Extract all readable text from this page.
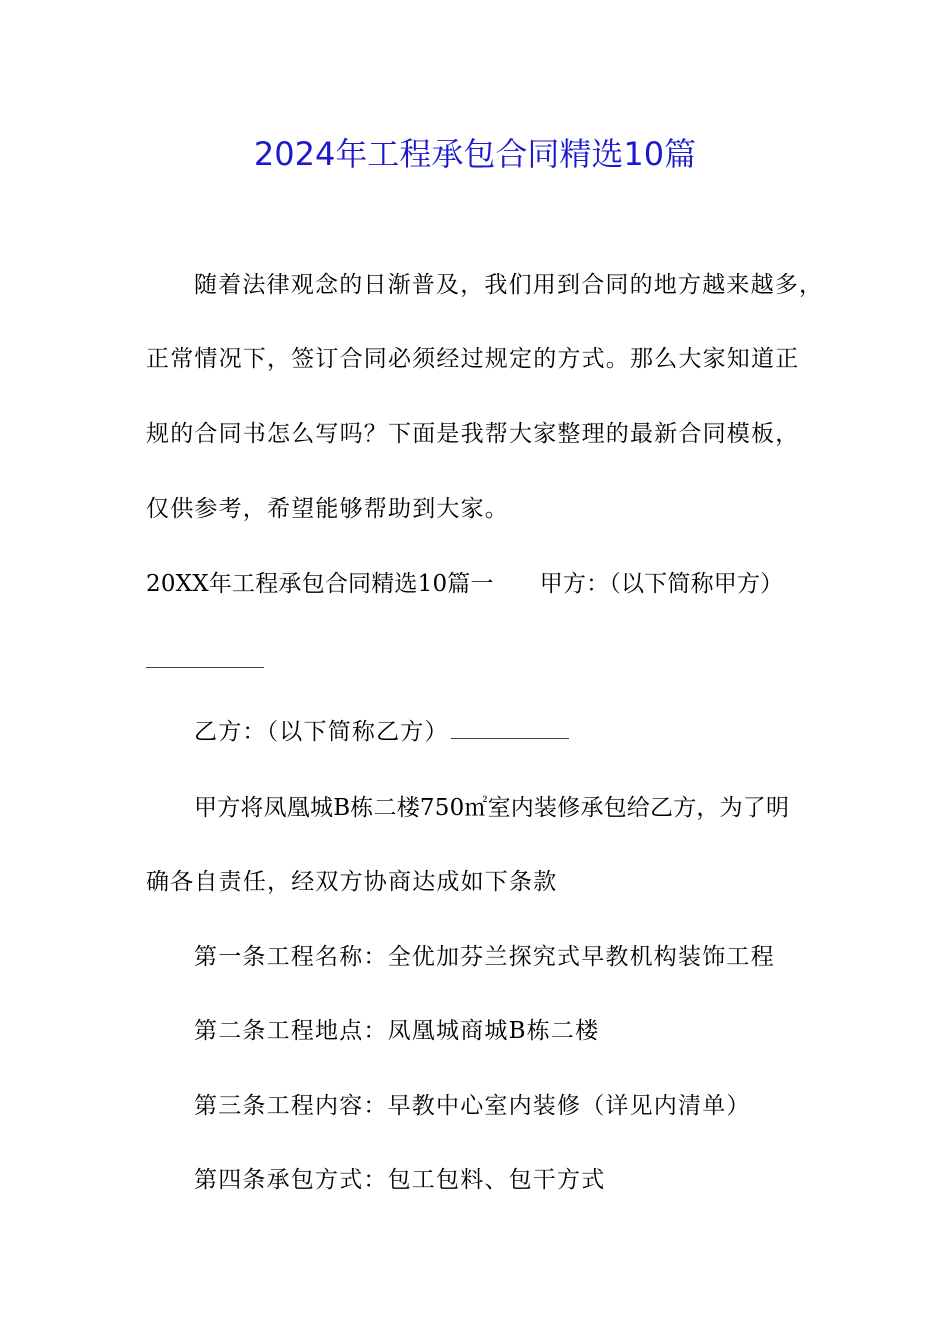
2024年工程承包合同精选10篇
随着法律观念的日渐普及，我们用到合同的地方越来越多，
正常情况下，签订合同必须经过规定的方式。那么大家知道正
规的合同书怎么写吗？下面是我帮大家整理的最新合同模板，
仅供参考，希望能够帮助到大家。
20XX年工程承包合同精选10篇一 甲方：（以下简称甲方）
乙方：（以下简称乙方）
甲方将凤凰城B栋二楼750㎡室内装修承包给乙方，为了明
确各自责任，经双方协商达成如下条款
第一条工程名称：全优加芬兰探究式早教机构装饰工程
第二条工程地点：凤凰城商城B栋二楼
第三条工程内容：早教中心室内装修（详见内清单）
第四条承包方式：包工包料、包干方式
